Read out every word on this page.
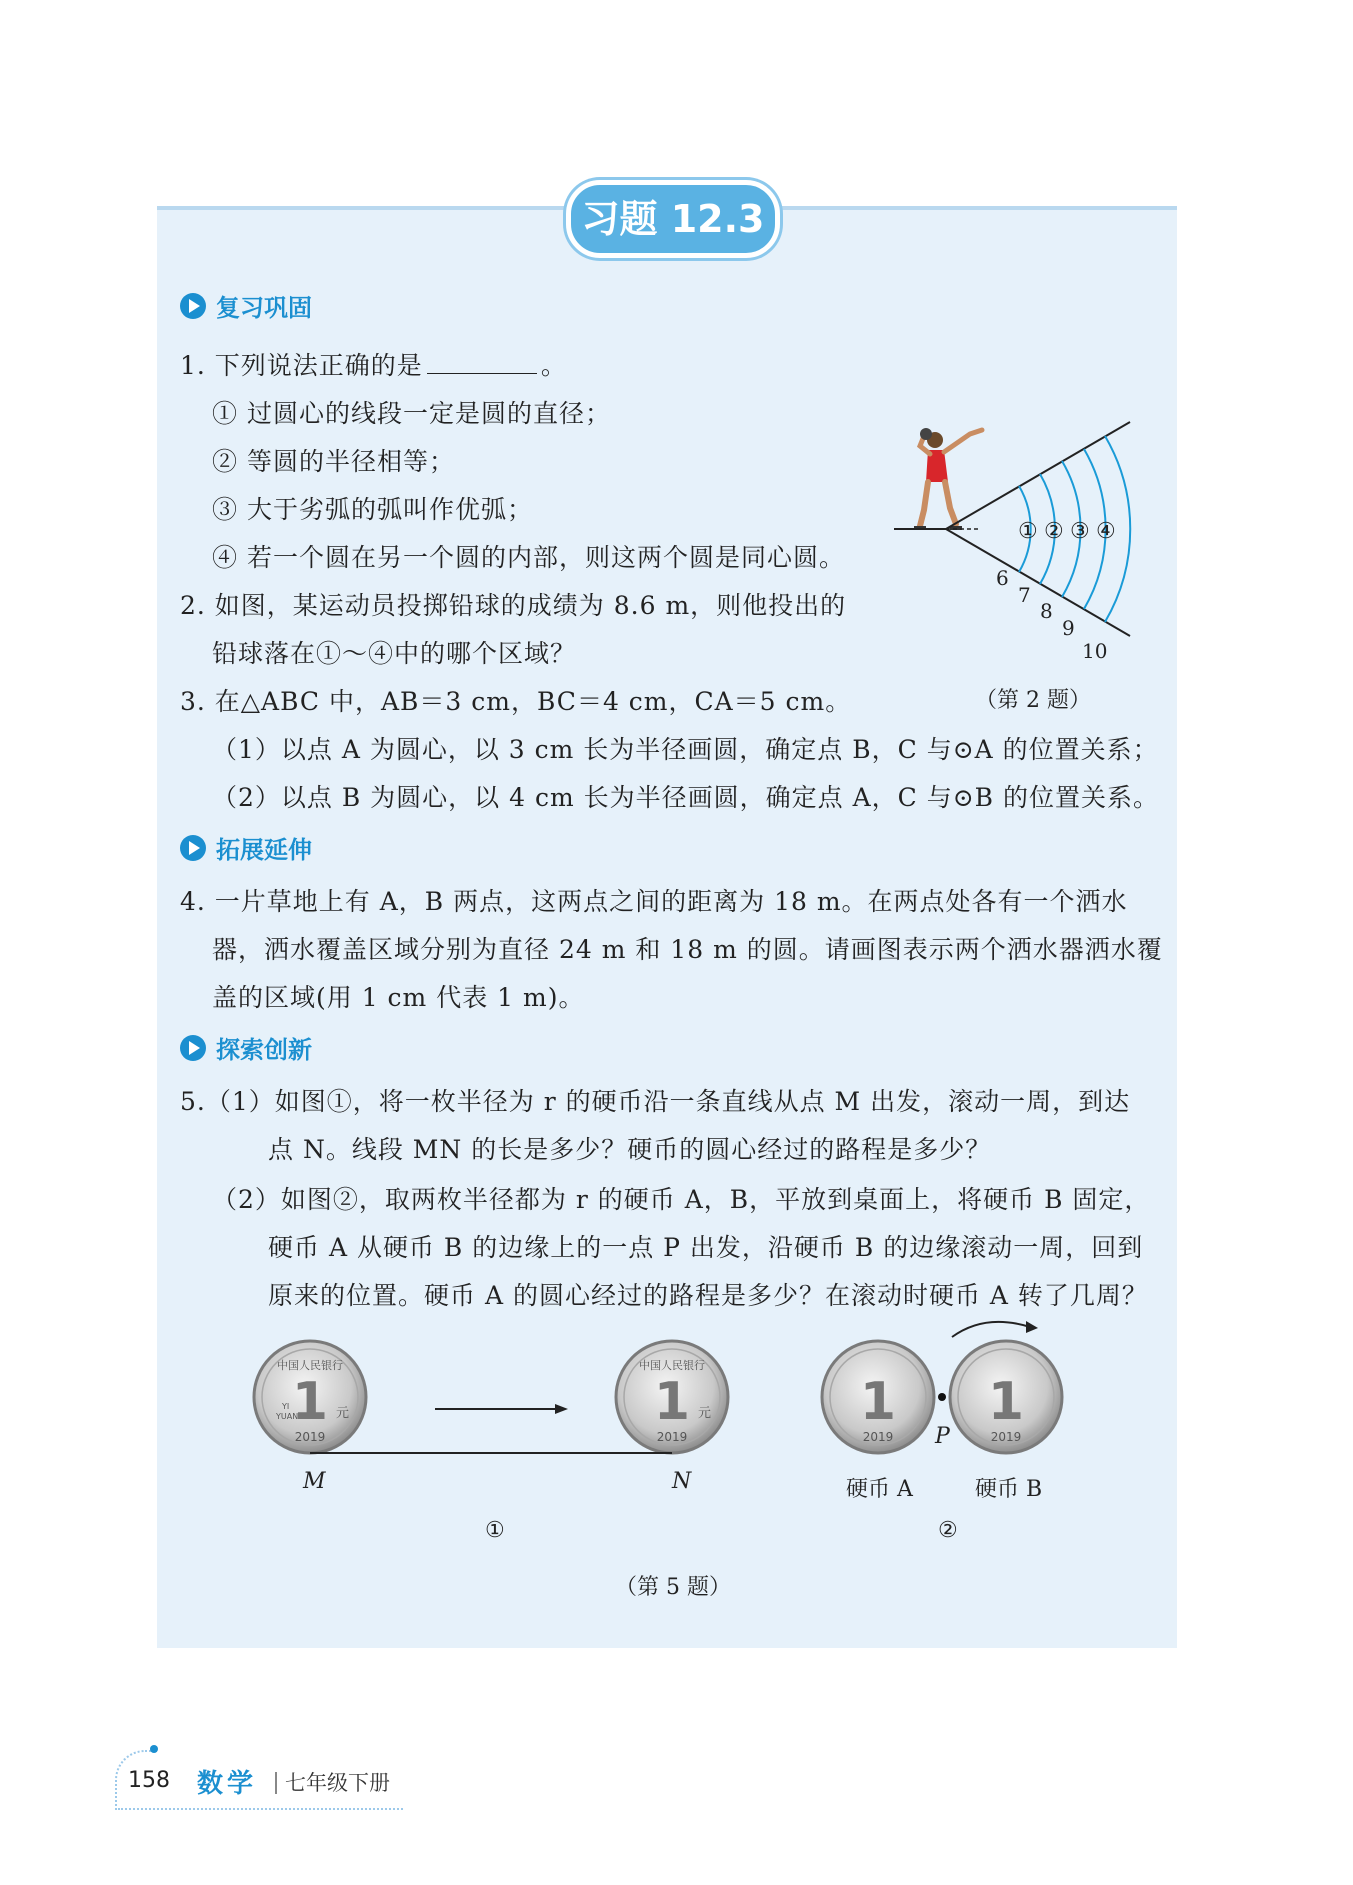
习题 12.3
复习巩固
1. 下列说法正确的是	。
① 过圆心的线段一定是圆的直径；
② 等圆的半径相等；
③ 大于劣弧的弧叫作优弧；
④ 若一个圆在另一个圆的内部，则这两个圆是同心圆。
2. 如图，某运动员投掷铅球的成绩为 8.6 m，则他投出的
铅球落在①～④中的哪个区域？
① ② ③ ④
6
7
8
9
10
（第 2 题）
3. 在△ABC 中，AB＝3 cm，BC＝4 cm，CA＝5 cm。
（1）以点 A 为圆心，以 3 cm 长为半径画圆，确定点 B，C 与⊙A 的位置关系；
（2）以点 B 为圆心，以 4 cm 长为半径画圆，确定点 A，C 与⊙B 的位置关系。
拓展延伸
4. 一片草地上有 A，B 两点，这两点之间的距离为 18 m。在两点处各有一个洒水
器，洒水覆盖区域分别为直径 24 m 和 18 m 的圆。请画图表示两个洒水器洒水覆
盖的区域(用 1 cm 代表 1 m)。
探索创新
5.（1）如图①，将一枚半径为 r 的硬币沿一条直线从点 M 出发，滚动一周，到达
点 N。线段 MN 的长是多少？硬币的圆心经过的路程是多少？
（2）如图②，取两枚半径都为 r 的硬币 A，B，平放到桌面上，将硬币 B 固定，
硬币 A 从硬币 B 的边缘上的一点 P 出发，沿硬币 B 的边缘滚动一周，回到
原来的位置。硬币 A 的圆心经过的路程是多少？在滚动时硬币 A 转了几周？
中国人民银行
1 元
YI
YUAN
2019
中国人民银行
1 元
2019
1
2019
1
2019
M	N
P
硬币 A	硬币 B
①	②
（第 5 题）
158 数学 七年级下册
